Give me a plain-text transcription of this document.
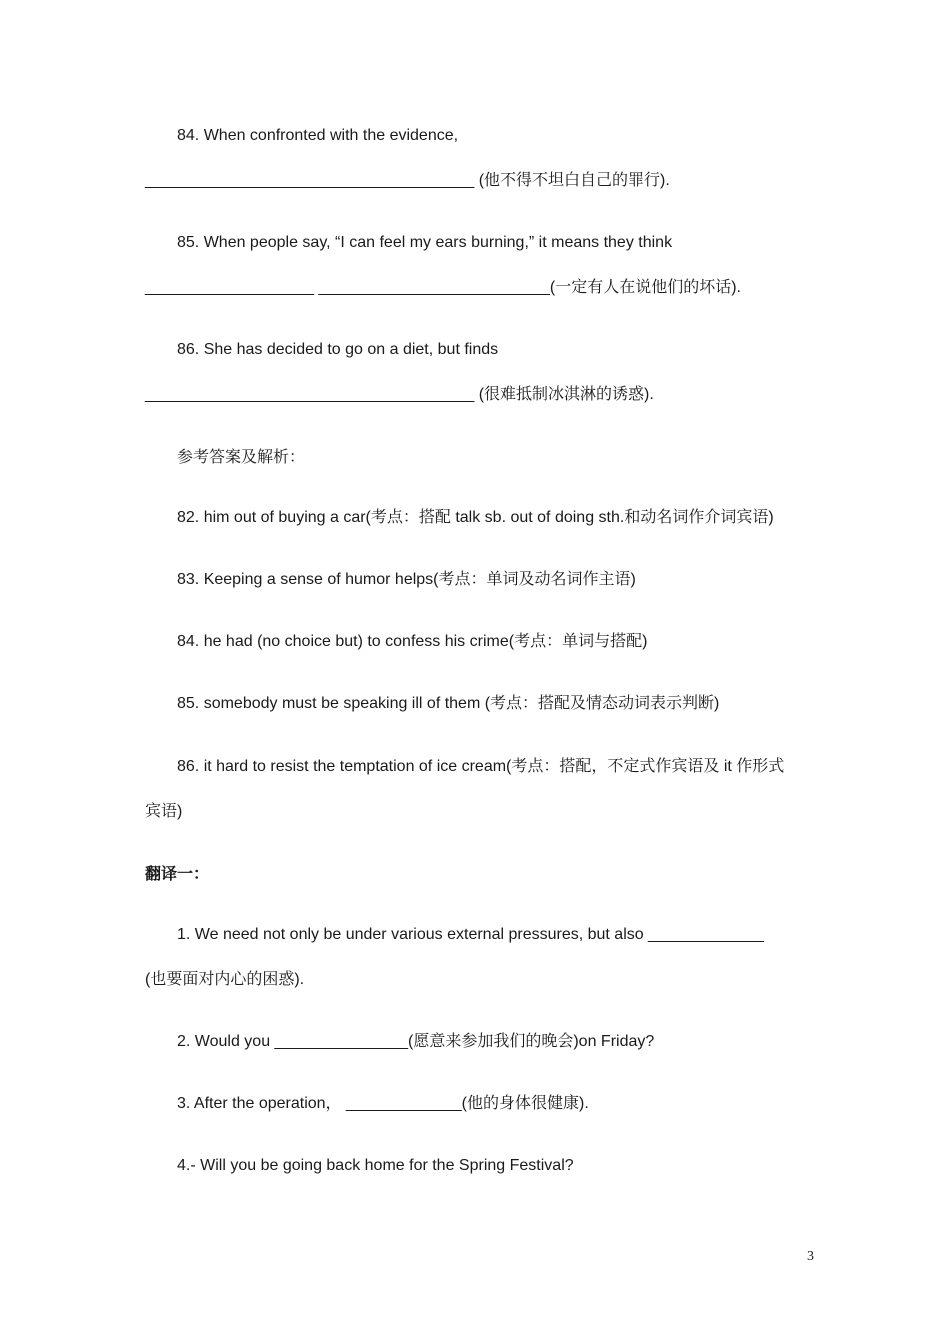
84. When confronted with the evidence,
_____________________________________ (他不得不坦白自己的罪行).
85. When people say, “I can feel my ears burning,” it means they think
___________________ __________________________(一定有人在说他们的坏话).
86. She has decided to go on a diet, but finds
_____________________________________ (很难抵制冰淇淋的诱惑).
参考答案及解析：
82. him out of buying a car(考点：搭配 talk sb. out of doing sth.和动名词作介词宾语)
83. Keeping a sense of humor helps(考点：单词及动名词作主语)
84. he had (no choice but) to confess his crime(考点：单词与搭配)
85. somebody must be speaking ill of them (考点：搭配及情态动词表示判断)
86. it hard to resist the temptation of ice cream(考点：搭配，不定式作宾语及 it 作形式
宾语)
翻译一：
1. We need not only be under various external pressures, but also _____________
(也要面对内心的困惑).
2. Would you _______________(愿意来参加我们的晚会)on Friday?
3. After the operation， _____________(他的身体很健康).
4.- Will you be going back home for the Spring Festival?
3
